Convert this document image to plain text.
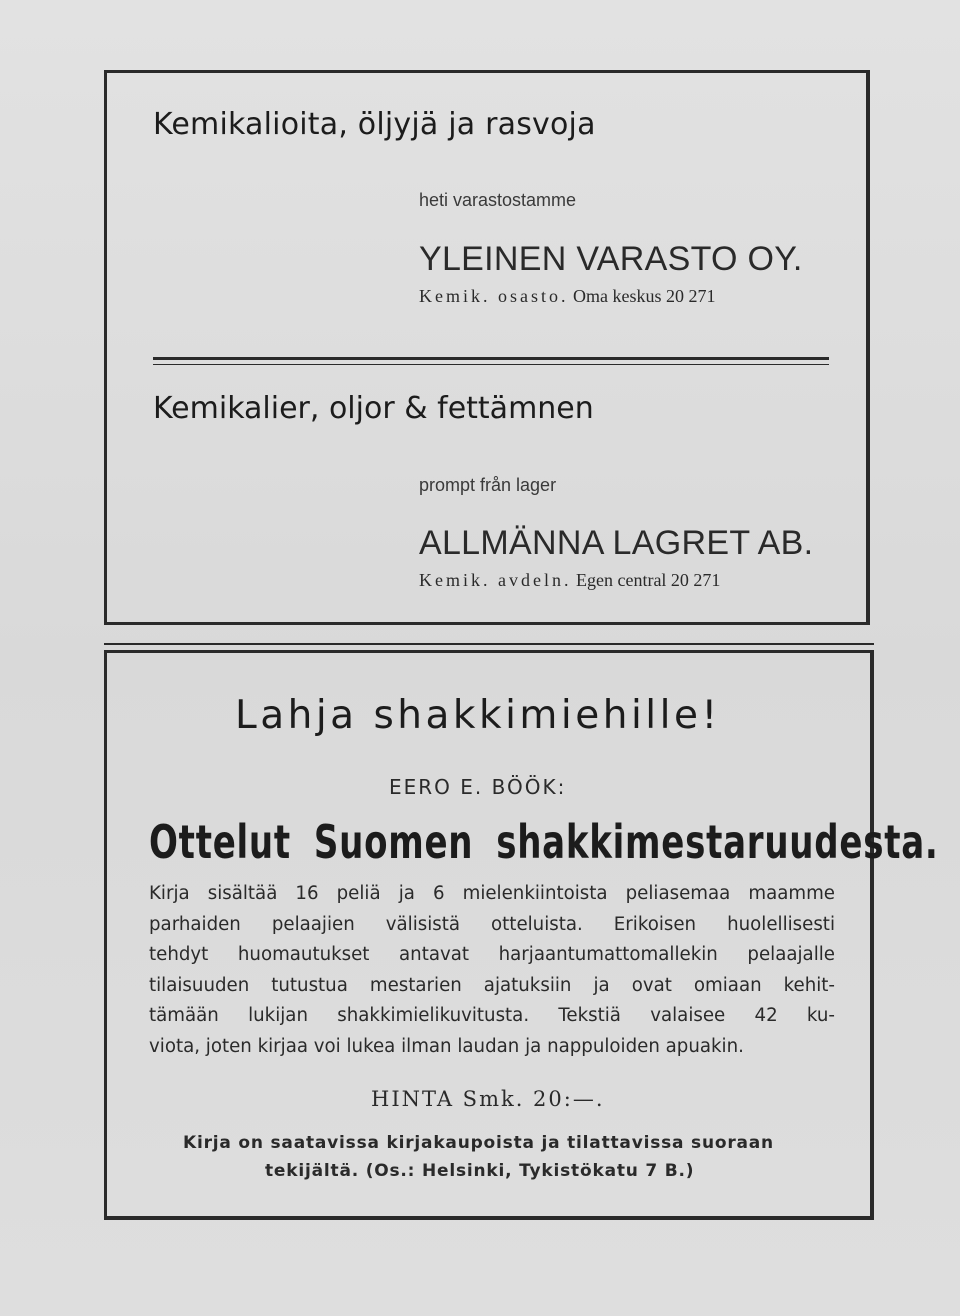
Kemikalioita, öljyjä ja rasvoja
heti varastostamme
YLEINEN VARASTO OY.
Kemik. osasto. Oma keskus 20 271
Kemikalier, oljor & fettämnen
prompt från lager
ALLMÄNNA LAGRET AB.
Kemik. avdeln. Egen central 20 271
Lahja shakkimiehille!
EERO E. BÖÖK:
Ottelut Suomen shakkimestaruudesta.
Kirja sisältää 16 peliä ja 6 mielenkiintoista peliasemaa maamme
parhaiden pelaajien välisistä otteluista. Erikoisen huolellisesti
tehdyt huomautukset antavat harjaantumattomallekin pelaajalle
tilaisuuden tutustua mestarien ajatuksiin ja ovat omiaan kehit-
tämään lukijan shakkimielikuvitusta. Tekstiä valaisee 42 ku-
viota, joten kirjaa voi lukea ilman laudan ja nappuloiden apuakin.
HINTA Smk. 20:—.
Kirja on saatavissa kirjakaupoista ja tilattavissa suoraan
tekijältä. (Os.: Helsinki, Tykistökatu 7 B.)
